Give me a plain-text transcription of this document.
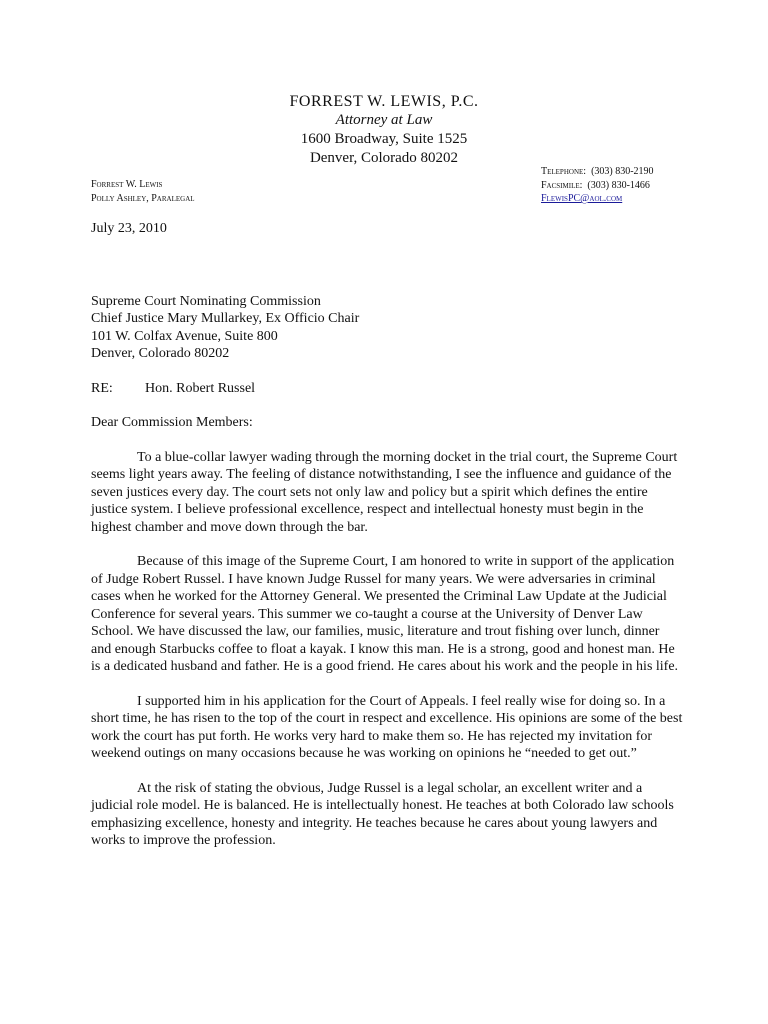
FORREST W. LEWIS, P.C.
Attorney at Law
1600 Broadway, Suite 1525
Denver, Colorado 80202
Forrest W. Lewis
Polly Ashley, Paralegal
Telephone: (303) 830-2190
Facsimile: (303) 830-1466
FlewisPC@aol.com

July 23, 2010

Supreme Court Nominating Commission
Chief Justice Mary Mullarkey, Ex Officio Chair
101 W. Colfax Avenue, Suite 800
Denver, Colorado 80202

RE: Hon. Robert Russel

Dear Commission Members:

To a blue-collar lawyer wading through the morning docket in the trial court, the Supreme Court seems light years away. The feeling of distance notwithstanding, I see the influence and guidance of the seven justices every day. The court sets not only law and policy but a spirit which defines the entire justice system. I believe professional excellence, respect and intellectual honesty must begin in the highest chamber and move down through the bar.

Because of this image of the Supreme Court, I am honored to write in support of the application of Judge Robert Russel. I have known Judge Russel for many years. We were adversaries in criminal cases when he worked for the Attorney General. We presented the Criminal Law Update at the Judicial Conference for several years. This summer we co-taught a course at the University of Denver Law School. We have discussed the law, our families, music, literature and trout fishing over lunch, dinner and enough Starbucks coffee to float a kayak. I know this man. He is a strong, good and honest man. He is a dedicated husband and father. He is a good friend. He cares about his work and the people in his life.

I supported him in his application for the Court of Appeals. I feel really wise for doing so. In a short time, he has risen to the top of the court in respect and excellence. His opinions are some of the best work the court has put forth. He works very hard to make them so. He has rejected my invitation for weekend outings on many occasions because he was working on opinions he “needed to get out.”

At the risk of stating the obvious, Judge Russel is a legal scholar, an excellent writer and a judicial role model. He is balanced. He is intellectually honest. He teaches at both Colorado law schools emphasizing excellence, honesty and integrity. He teaches because he cares about young lawyers and works to improve the profession.
